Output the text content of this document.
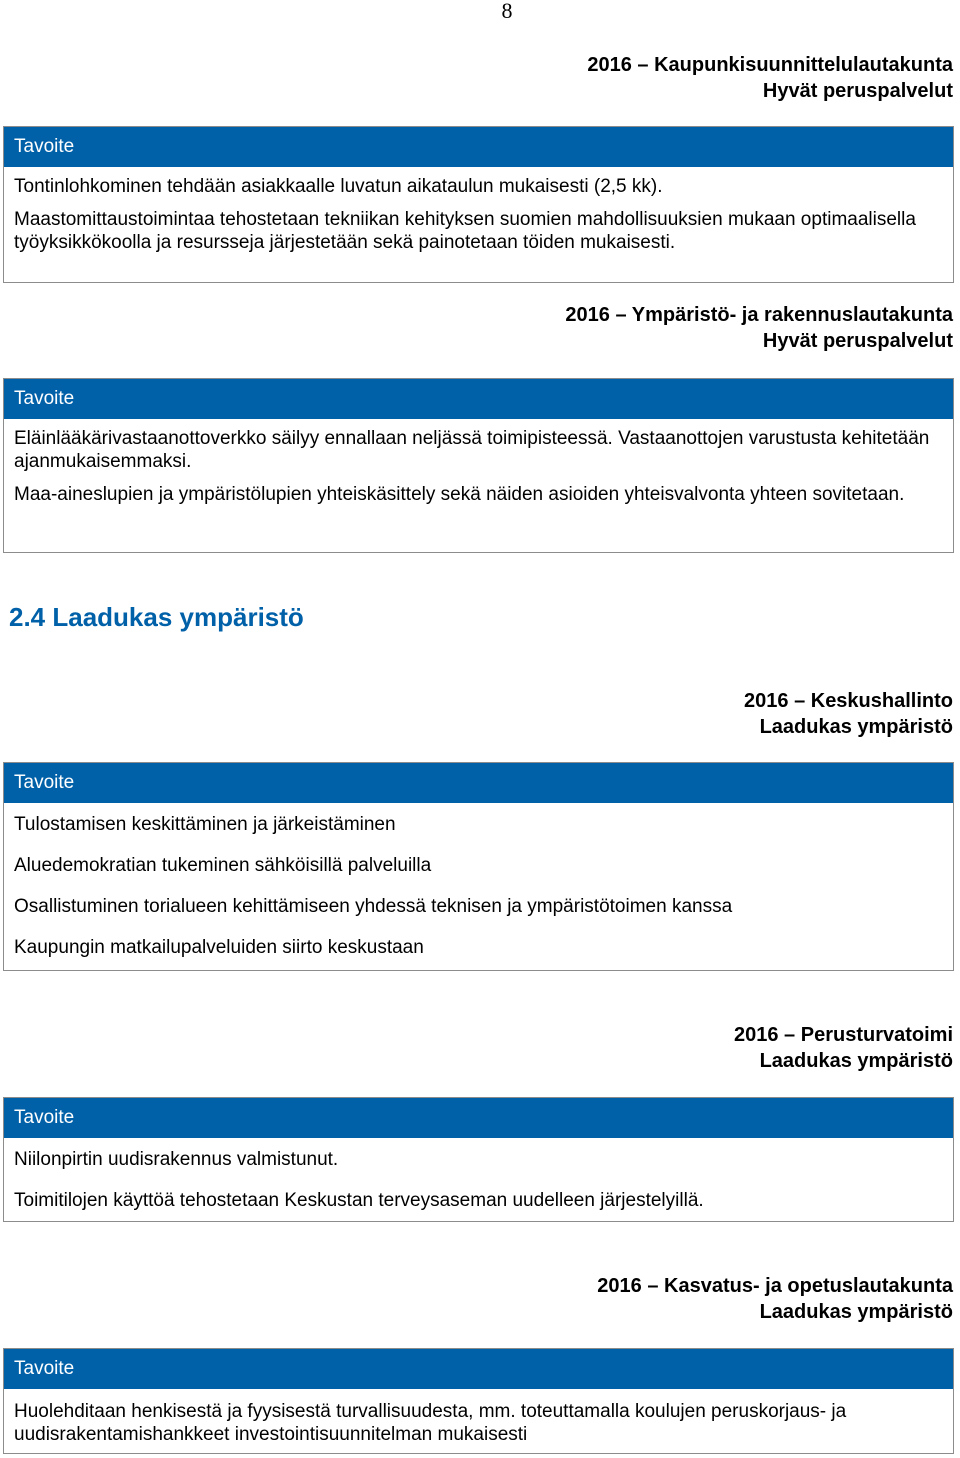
8
2016 – Kaupunkisuunnittelulautakunta
Hyvät peruspalvelut
Tavoite

Tontinlohkominen tehdään asiakkaalle luvatun aikataulun mukaisesti (2,5 kk).

Maastomittaustoimintaa tehostetaan tekniikan kehityksen suomien mahdollisuuksien mukaan optimaalisella työyksikkökoolla ja resursseja järjestetään sekä painotetaan töiden mukaisesti.

2016 – Ympäristö- ja rakennuslautakunta
Hyvät peruspalvelut
Tavoite

Eläinlääkärivastaanottoverkko säilyy ennallaan neljässä toimipisteessä. Vastaanottojen varustusta kehitetään ajanmukaisemmaksi.

Maa-aineslupien ja ympäristölupien yhteiskäsittely sekä näiden asioiden yhteisvalvonta yhteen sovitetaan.

2.4 Laadukas ympäristö
2016 – Keskushallinto
Laadukas ympäristö
Tavoite

Tulostamisen keskittäminen ja järkeistäminen

Aluedemokratian tukeminen sähköisillä palveluilla

Osallistuminen torialueen kehittämiseen yhdessä teknisen ja ympäristötoimen kanssa

Kaupungin matkailupalveluiden siirto keskustaan

2016 – Perusturvatoimi
Laadukas ympäristö
Tavoite

Niilonpirtin uudisrakennus valmistunut.

Toimitilojen käyttöä tehostetaan Keskustan terveysaseman uudelleen järjestelyillä.

2016 – Kasvatus- ja opetuslautakunta
Laadukas ympäristö
Tavoite

Huolehditaan henkisestä ja fyysisestä turvallisuudesta, mm. toteuttamalla koulujen peruskorjaus- ja uudisrakentamishankkeet investointisuunnitelman mukaisesti
